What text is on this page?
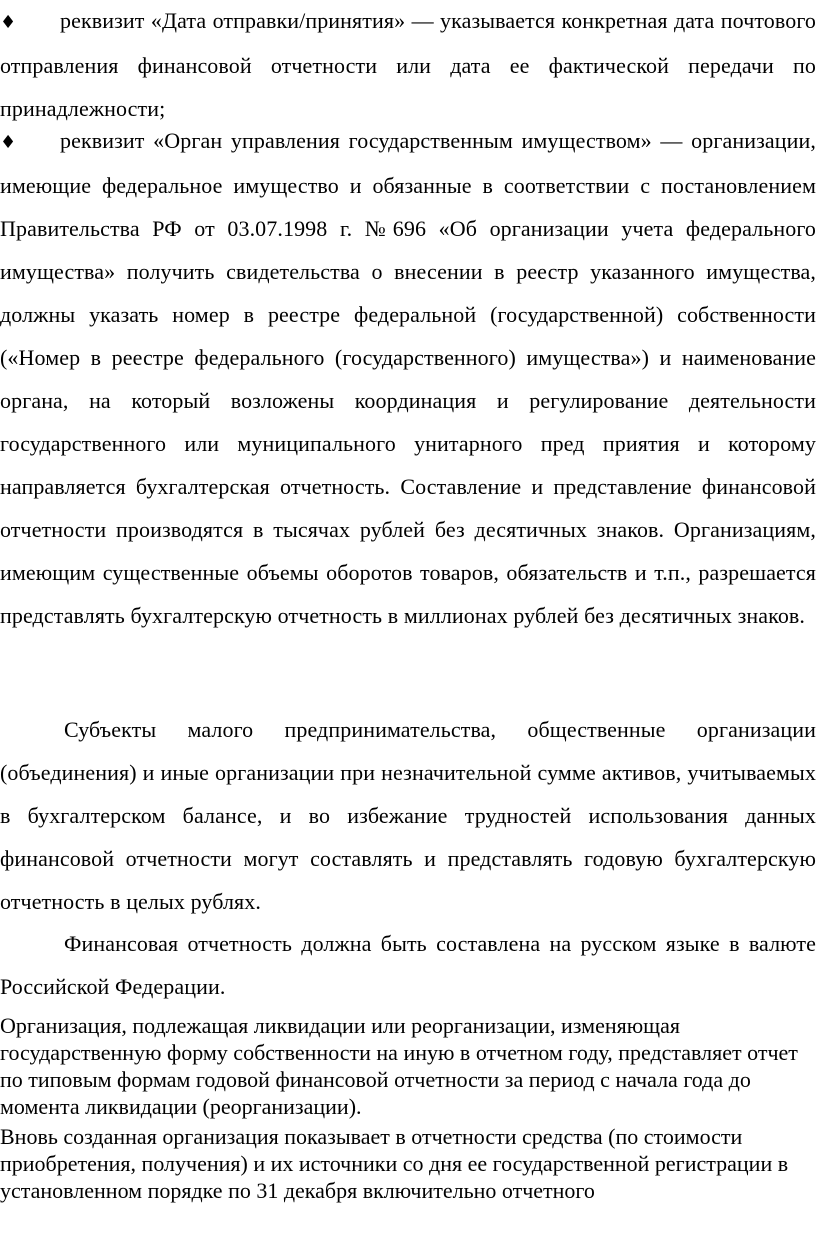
♦ реквизит «Дата отправки/принятия» — указывается конкретная дата почтового отправления финансовой отчетности или дата ее фактической передачи по принадлежности;

♦ реквизит «Орган управления государственным имуществом» — организации, имеющие федеральное имущество и обязанные в соответствии с постановлением Правительства РФ от 03.07.1998 г. №696 «Об организации учета федерального имущества» получить свидетельства о внесении в реестр указанного имущества, должны указать номер в реестре федеральной (государственной) собственности («Номер в реестре федерального (государственного) имущества») и наименование органа, на который возложены координация и регулирование деятельности государственного или муниципального унитарного пред приятия и которому направляется бухгалтерская отчетность. Составление и представление финансовой отчетности производятся в тысячах рублей без десятичных знаков. Организациям, имеющим существенные объемы оборотов товаров, обязательств и т.п., разрешается представлять бухгалтерскую отчетность в миллионах рублей без десятичных знаков.

Субъекты малого предпринимательства, общественные организации (объединения) и иные организации при незначительной сумме активов, учитываемых в бухгалтерском балансе, и во избежание трудностей использования данных финансовой отчетности могут составлять и представлять годовую бухгалтерскую отчетность в целых рублях.

Финансовая отчетность должна быть составлена на русском языке в валюте Российской Федерации.

Организация, подлежащая ликвидации или реорганизации, изменяющая государственную форму собственности на иную в отчетном году, представляет отчет по типовым формам годовой финансовой отчетности за период с начала года до момента ликвидации (реорганизации).

Вновь созданная организация показывает в отчетности средства (по стоимости приобретения, получения) и их источники со дня ее государственной регистрации в установленном порядке по 31 декабря включительно отчетного
